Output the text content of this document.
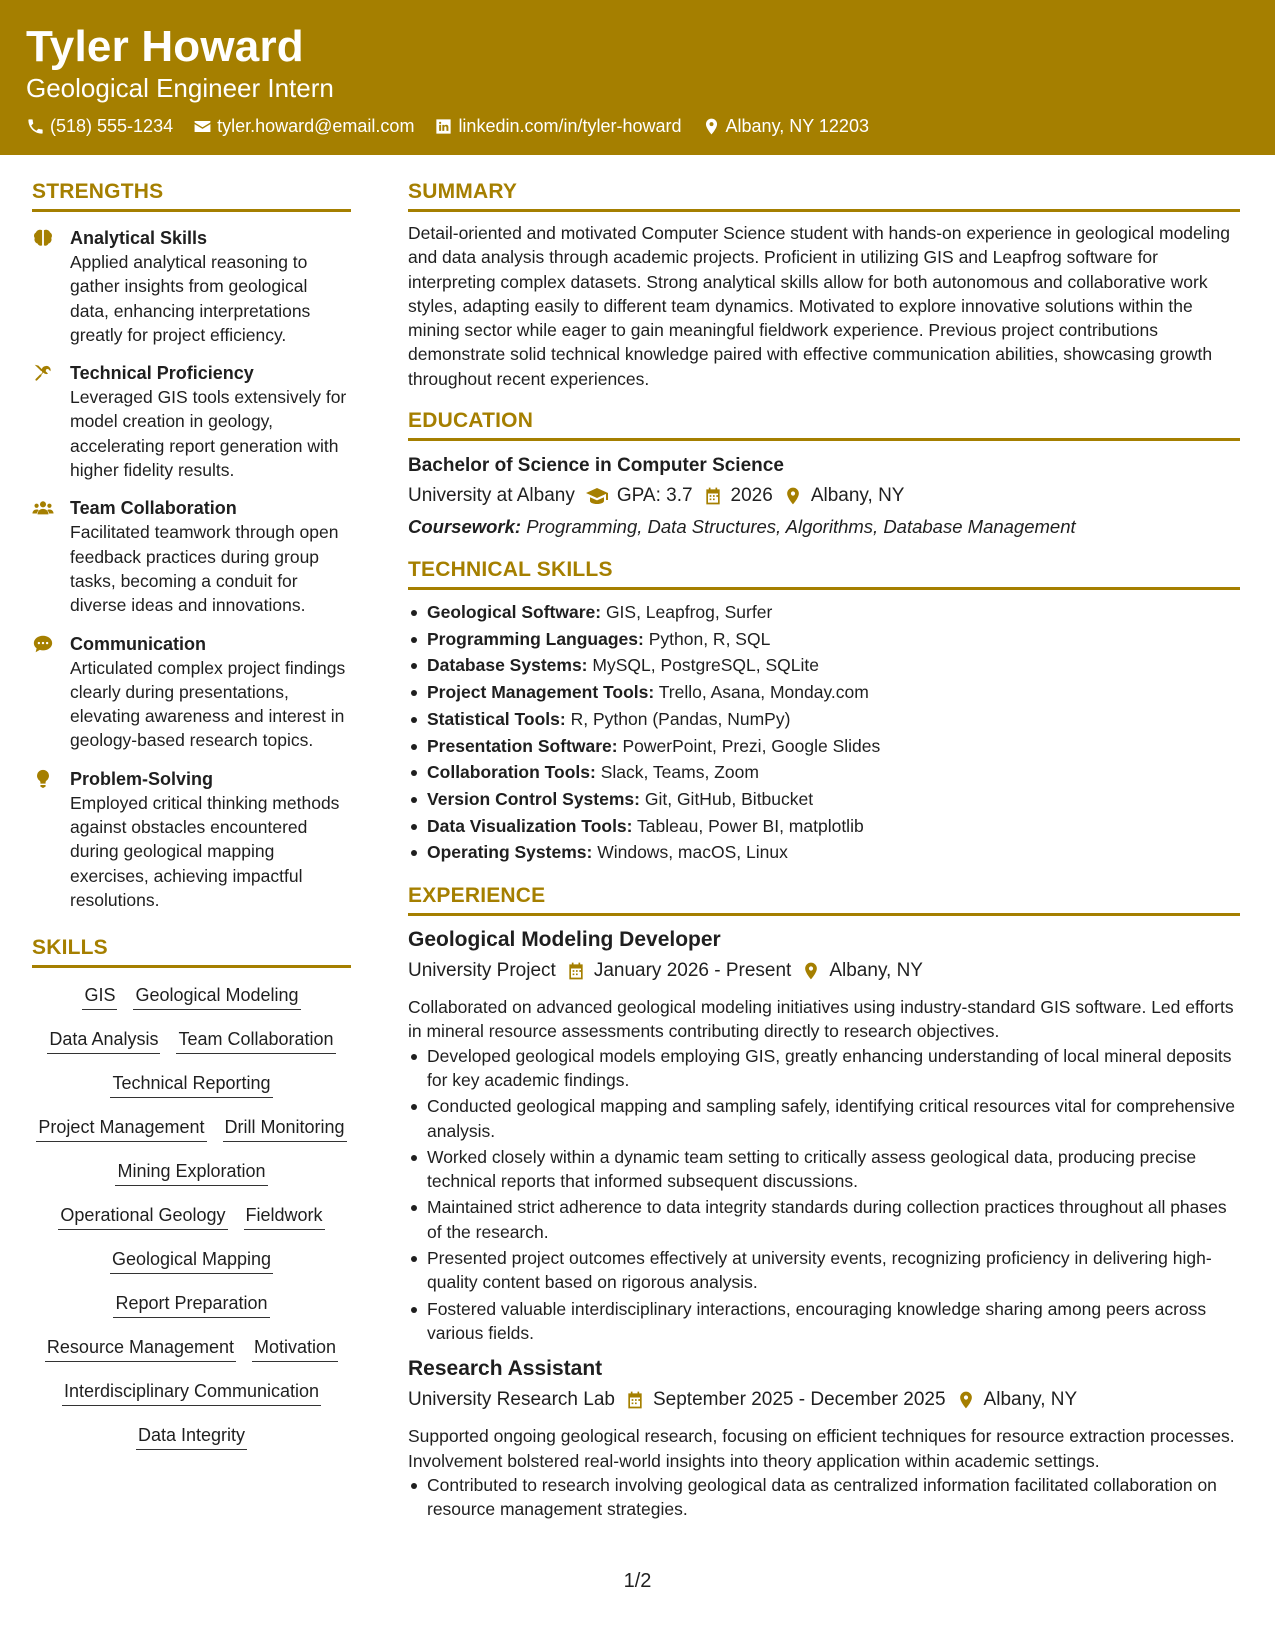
Tyler Howard
Geological Engineer Intern
(518) 555-1234 tyler.howard@email.com linkedin.com/in/tyler-howard Albany, NY 12203
STRENGTHS
Analytical Skills
Applied analytical reasoning to gather insights from geological data, enhancing interpretations greatly for project efficiency.
Technical Proficiency
Leveraged GIS tools extensively for model creation in geology, accelerating report generation with higher fidelity results.
Team Collaboration
Facilitated teamwork through open feedback practices during group tasks, becoming a conduit for diverse ideas and innovations.
Communication
Articulated complex project findings clearly during presentations, elevating awareness and interest in geology-based research topics.
Problem-Solving
Employed critical thinking methods against obstacles encountered during geological mapping exercises, achieving impactful resolutions.
SKILLS
GIS Geological Modeling
Data Analysis Team Collaboration
Technical Reporting
Project Management Drill Monitoring
Mining Exploration
Operational Geology Fieldwork
Geological Mapping
Report Preparation
Resource Management Motivation
Interdisciplinary Communication
Data Integrity
SUMMARY
Detail-oriented and motivated Computer Science student with hands-on experience in geological modeling and data analysis through academic projects. Proficient in utilizing GIS and Leapfrog software for interpreting complex datasets. Strong analytical skills allow for both autonomous and collaborative work styles, adapting easily to different team dynamics. Motivated to explore innovative solutions within the mining sector while eager to gain meaningful fieldwork experience. Previous project contributions demonstrate solid technical knowledge paired with effective communication abilities, showcasing growth throughout recent experiences.
EDUCATION
Bachelor of Science in Computer Science
University at Albany GPA: 3.7 2026 Albany, NY
Coursework: Programming, Data Structures, Algorithms, Database Management
TECHNICAL SKILLS
Geological Software: GIS, Leapfrog, Surfer
Programming Languages: Python, R, SQL
Database Systems: MySQL, PostgreSQL, SQLite
Project Management Tools: Trello, Asana, Monday.com
Statistical Tools: R, Python (Pandas, NumPy)
Presentation Software: PowerPoint, Prezi, Google Slides
Collaboration Tools: Slack, Teams, Zoom
Version Control Systems: Git, GitHub, Bitbucket
Data Visualization Tools: Tableau, Power BI, matplotlib
Operating Systems: Windows, macOS, Linux
EXPERIENCE
Geological Modeling Developer
University Project January 2026 - Present Albany, NY
Collaborated on advanced geological modeling initiatives using industry-standard GIS software. Led efforts in mineral resource assessments contributing directly to research objectives.
Developed geological models employing GIS, greatly enhancing understanding of local mineral deposits for key academic findings.
Conducted geological mapping and sampling safely, identifying critical resources vital for comprehensive analysis.
Worked closely within a dynamic team setting to critically assess geological data, producing precise technical reports that informed subsequent discussions.
Maintained strict adherence to data integrity standards during collection practices throughout all phases of the research.
Presented project outcomes effectively at university events, recognizing proficiency in delivering high-quality content based on rigorous analysis.
Fostered valuable interdisciplinary interactions, encouraging knowledge sharing among peers across various fields.
Research Assistant
University Research Lab September 2025 - December 2025 Albany, NY
Supported ongoing geological research, focusing on efficient techniques for resource extraction processes. Involvement bolstered real-world insights into theory application within academic settings.
Contributed to research involving geological data as centralized information facilitated collaboration on resource management strategies.
1/2
